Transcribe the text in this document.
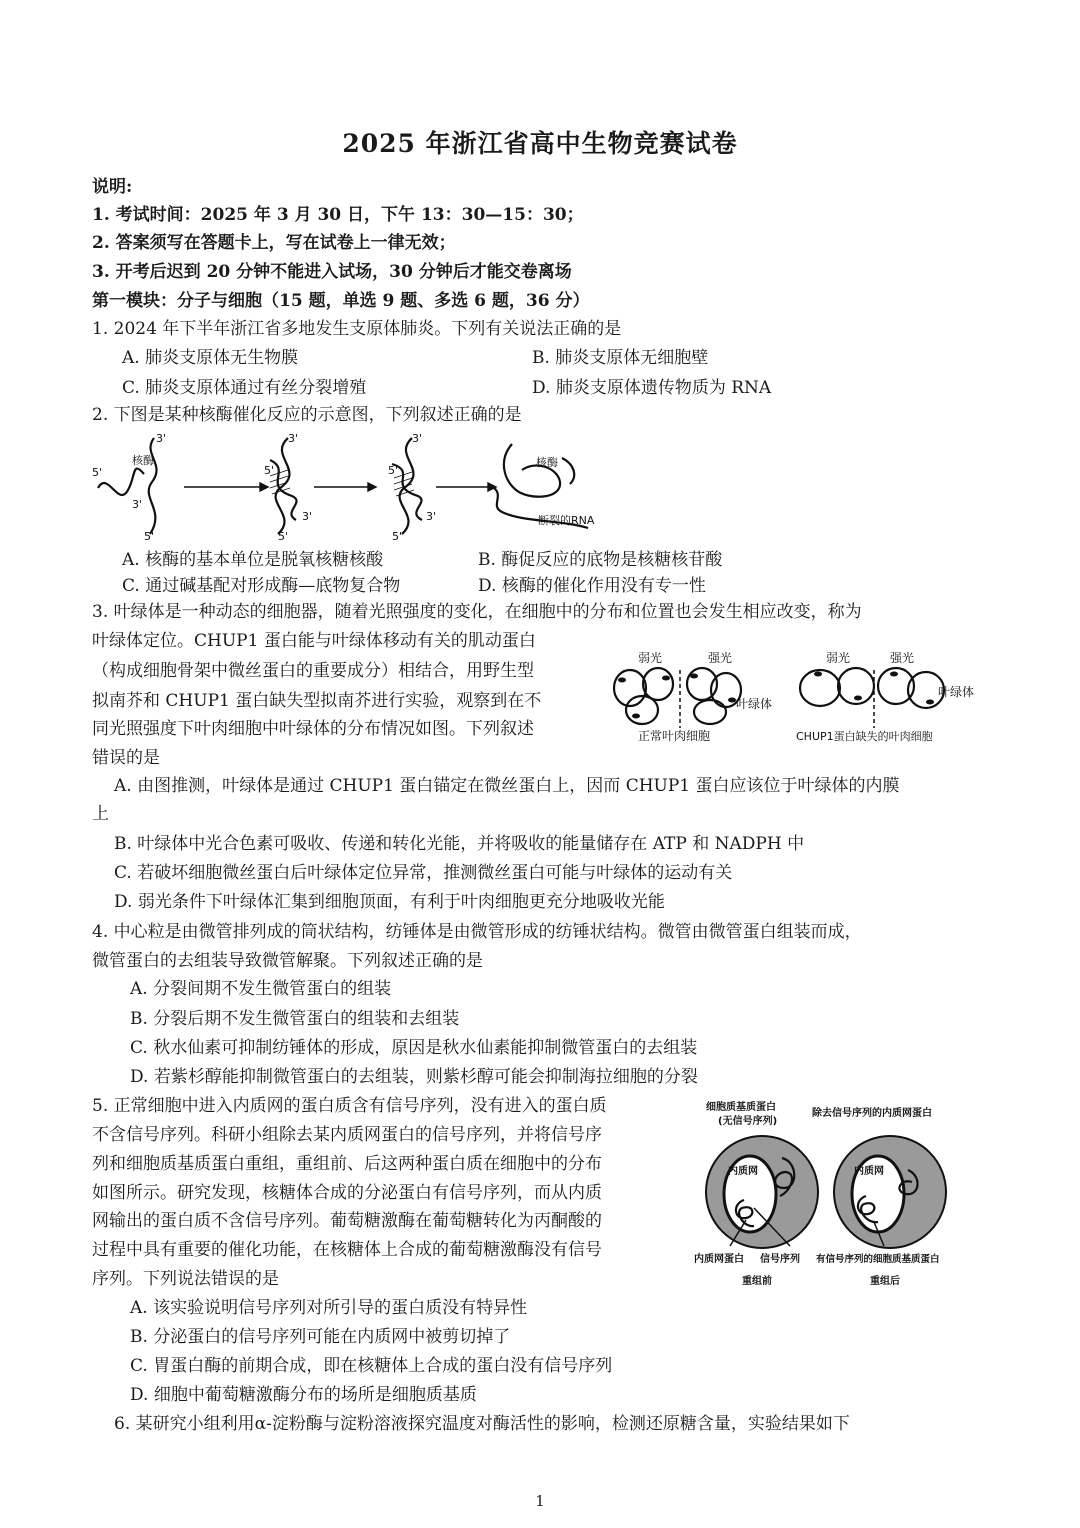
2025 年浙江省高中生物竞赛试卷
说明:
1. 考试时间：2025 年 3 月 30 日，下午 13：30—15：30；
2. 答案须写在答题卡上，写在试卷上一律无效；
3. 开考后迟到 20 分钟不能进入试场，30 分钟后才能交卷离场
第一模块：分子与细胞（15 题，单选 9 题、多选 6 题，36 分）
1. 2024 年下半年浙江省多地发生支原体肺炎。下列有关说法正确的是
A. 肺炎支原体无生物膜	B. 肺炎支原体无细胞壁
C. 肺炎支原体通过有丝分裂增殖	D. 肺炎支原体遗传物质为 RNA
2. 下图是某种核酶催化反应的示意图，下列叙述正确的是
核酶	核酶
断裂的RNA
3'
5'
3'
5'
3'
5'
3'
5'
3'
5'
3'
5'
A. 核酶的基本单位是脱氧核糖核酸	B. 酶促反应的底物是核糖核苷酸
C. 通过碱基配对形成酶—底物复合物	D. 核酶的催化作用没有专一性
3. 叶绿体是一种动态的细胞器，随着光照强度的变化，在细胞中的分布和位置也会发生相应改变，称为
叶绿体定位。CHUP1 蛋白能与叶绿体移动有关的肌动蛋白
（构成细胞骨架中微丝蛋白的重要成分）相结合，用野生型
拟南芥和 CHUP1 蛋白缺失型拟南芥进行实验，观察到在不
同光照强度下叶肉细胞中叶绿体的分布情况如图。下列叙述
错误的是
弱光	强光	弱光	强光
叶绿体
叶绿体
正常叶肉细胞	CHUP1蛋白缺失的叶肉细胞
A. 由图推测，叶绿体是通过 CHUP1 蛋白锚定在微丝蛋白上，因而 CHUP1 蛋白应该位于叶绿体的内膜
上
B. 叶绿体中光合色素可吸收、传递和转化光能，并将吸收的能量储存在 ATP 和 NADPH 中
C. 若破坏细胞微丝蛋白后叶绿体定位异常，推测微丝蛋白可能与叶绿体的运动有关
D. 弱光条件下叶绿体汇集到细胞顶面，有利于叶肉细胞更充分地吸收光能
4. 中心粒是由微管排列成的筒状结构，纺锤体是由微管形成的纺锤状结构。微管由微管蛋白组装而成，
微管蛋白的去组装导致微管解聚。下列叙述正确的是
A. 分裂间期不发生微管蛋白的组装
B. 分裂后期不发生微管蛋白的组装和去组装
C. 秋水仙素可抑制纺锤体的形成，原因是秋水仙素能抑制微管蛋白的去组装
D. 若紫杉醇能抑制微管蛋白的去组装，则紫杉醇可能会抑制海拉细胞的分裂
5. 正常细胞中进入内质网的蛋白质含有信号序列，没有进入的蛋白质
不含信号序列。科研小组除去某内质网蛋白的信号序列，并将信号序
列和细胞质基质蛋白重组，重组前、后这两种蛋白质在细胞中的分布
如图所示。研究发现，核糖体合成的分泌蛋白有信号序列，而从内质
网输出的蛋白质不含信号序列。葡萄糖激酶在葡萄糖转化为丙酮酸的
过程中具有重要的催化功能，在核糖体上合成的葡萄糖激酶没有信号
序列。下列说法错误的是
细胞质基质蛋白
(无信号序列)
除去信号序列的内质网蛋白
内质网蛋白 信号序列 有信号序列的细胞质基质蛋白
重组前	重组后
内质网	内质网
A. 该实验说明信号序列对所引导的蛋白质没有特异性
B. 分泌蛋白的信号序列可能在内质网中被剪切掉了
C. 胃蛋白酶的前期合成，即在核糖体上合成的蛋白没有信号序列
D. 细胞中葡萄糖激酶分布的场所是细胞质基质
6. 某研究小组利用α-淀粉酶与淀粉溶液探究温度对酶活性的影响，检测还原糖含量，实验结果如下
1
